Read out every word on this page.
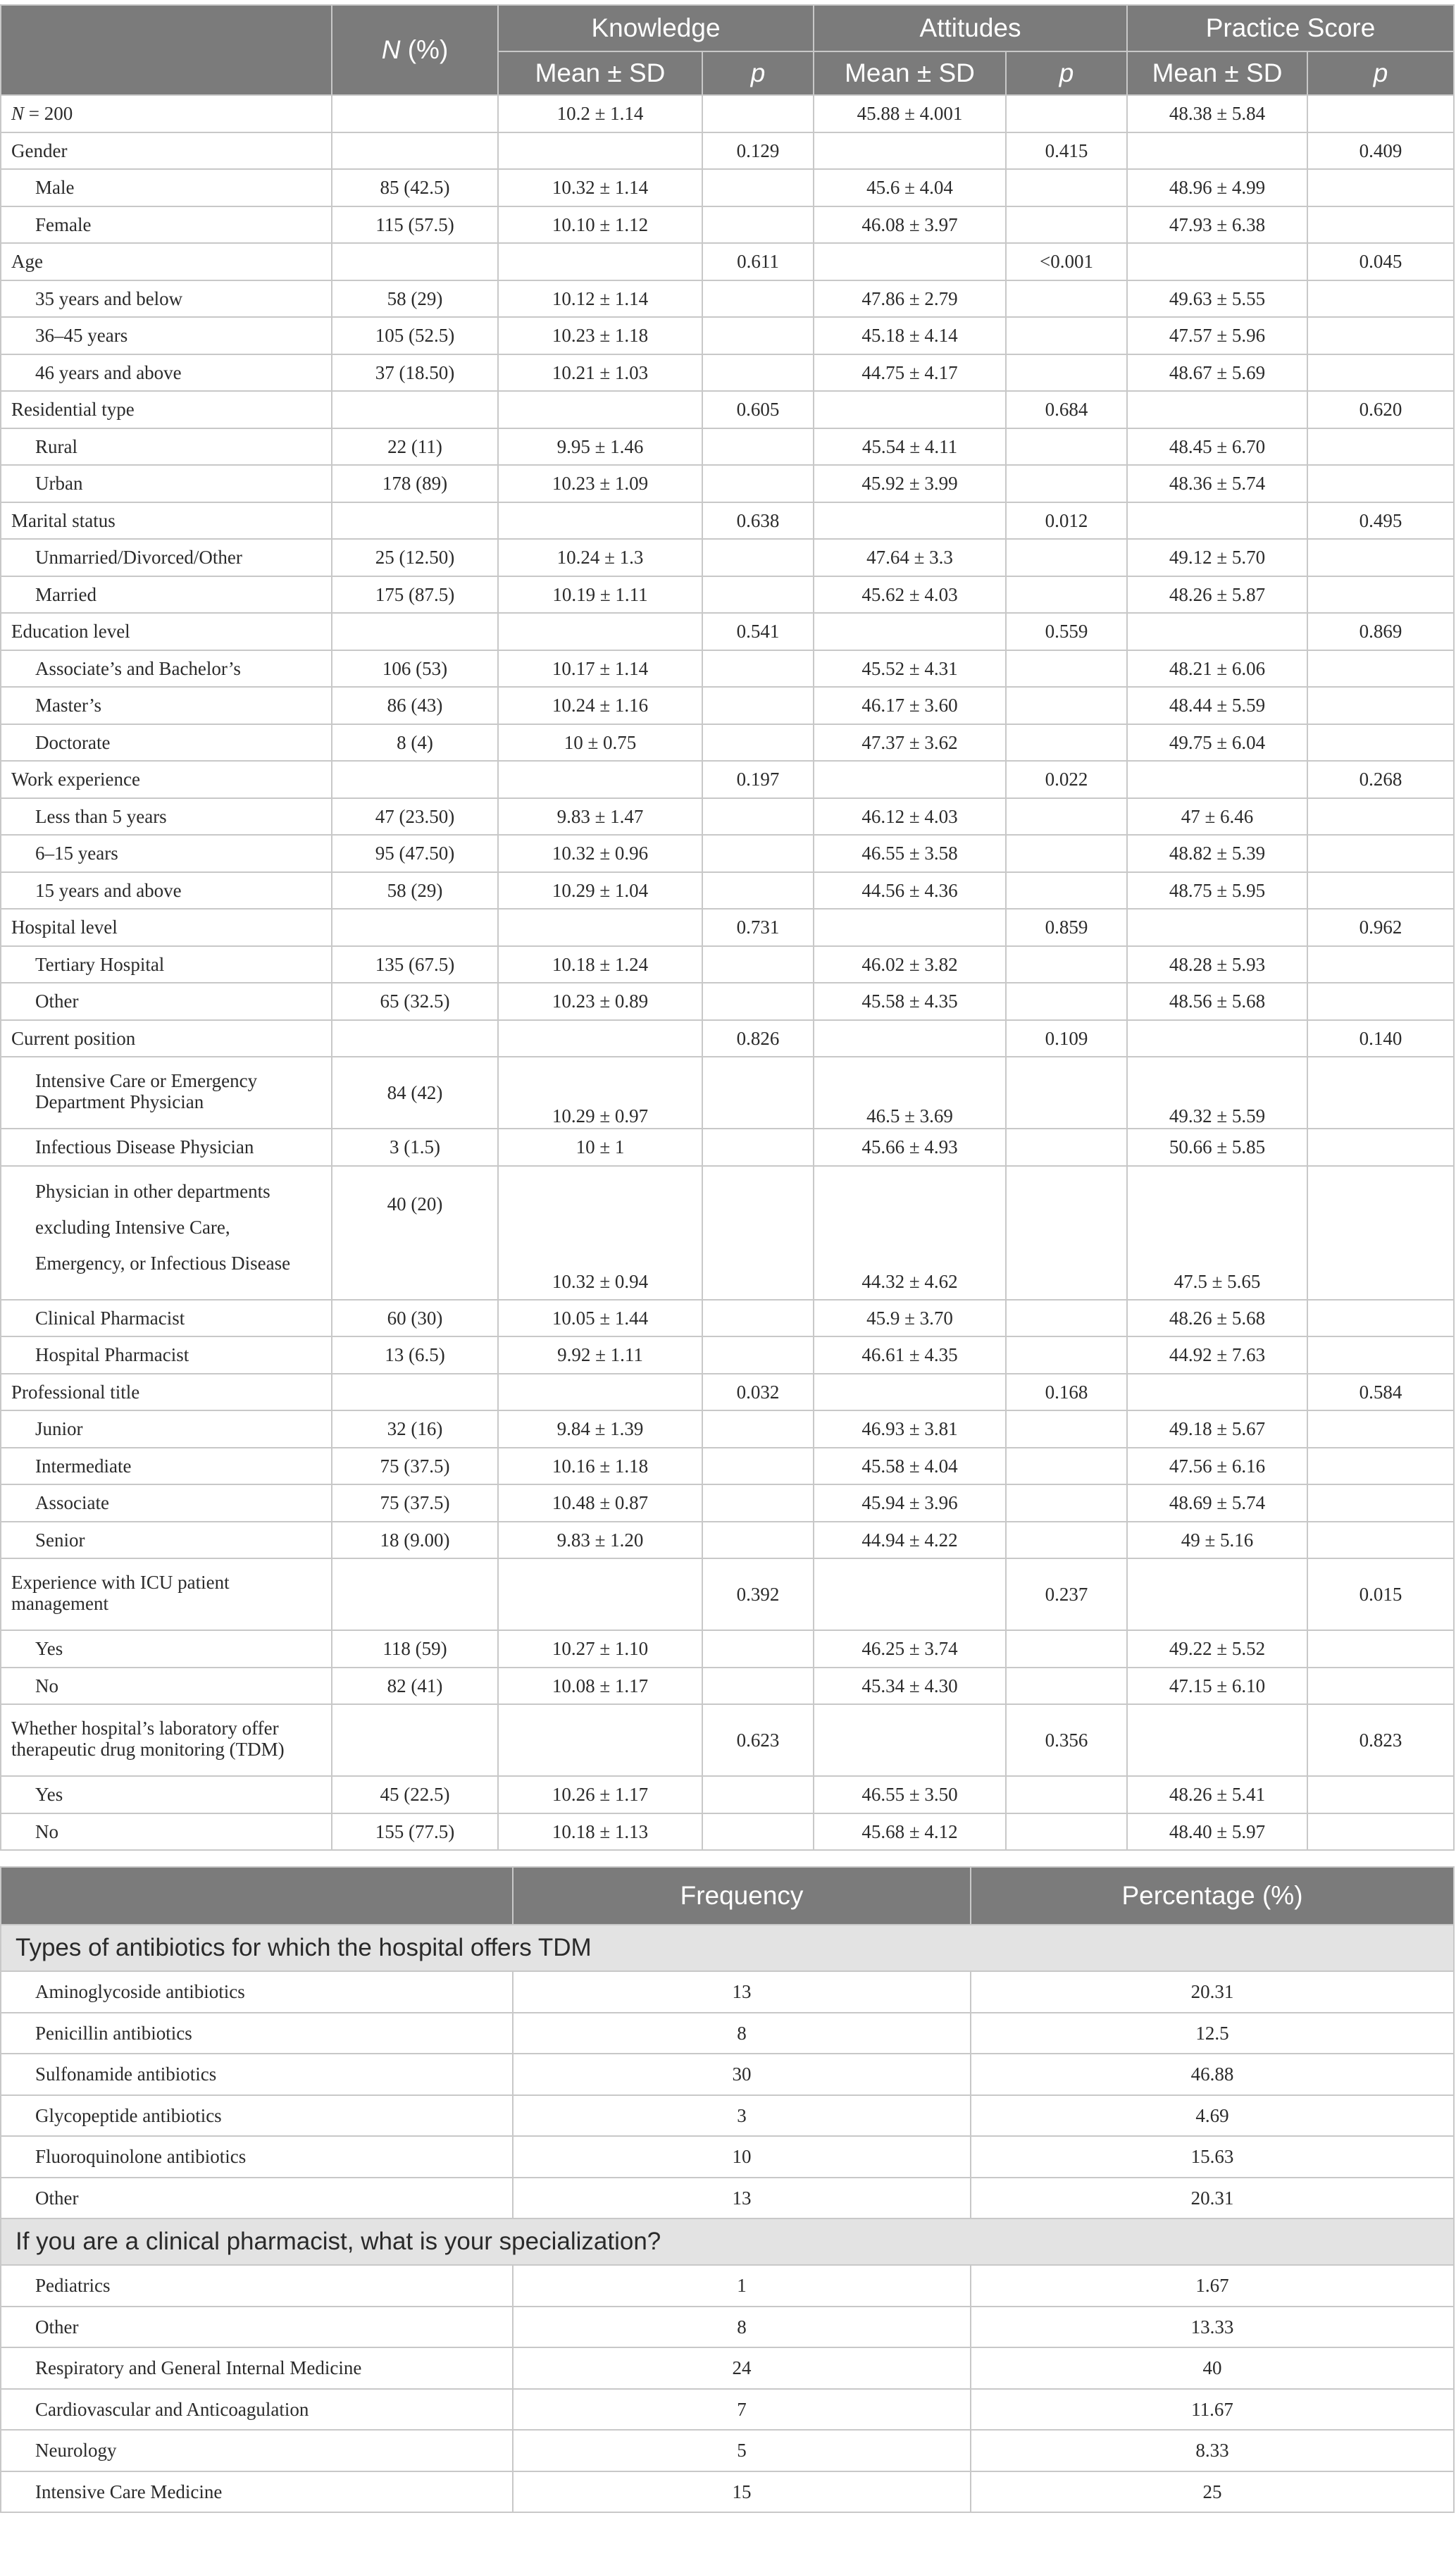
	N (%)	Knowledge		Attitudes		Practice Score	
		Mean ± SD	p	Mean ± SD	p	Mean ± SD	p
N = 200		10.2 ± 1.14		45.88 ± 4.001		48.38 ± 5.84	
Gender			0.129		0.415		0.409
Male	85 (42.5)	10.32 ± 1.14		45.6 ± 4.04		48.96 ± 4.99	
Female	115 (57.5)	10.10 ± 1.12		46.08 ± 3.97		47.93 ± 6.38	
Age			0.611		<0.001		0.045
35 years and below	58 (29)	10.12 ± 1.14		47.86 ± 2.79		49.63 ± 5.55	
36–45 years	105 (52.5)	10.23 ± 1.18		45.18 ± 4.14		47.57 ± 5.96	
46 years and above	37 (18.50)	10.21 ± 1.03		44.75 ± 4.17		48.67 ± 5.69	
Residential type			0.605		0.684		0.620
Rural	22 (11)	9.95 ± 1.46		45.54 ± 4.11		48.45 ± 6.70	
Urban	178 (89)	10.23 ± 1.09		45.92 ± 3.99		48.36 ± 5.74	
Marital status			0.638		0.012		0.495
Unmarried/Divorced/Other	25 (12.50)	10.24 ± 1.3		47.64 ± 3.3		49.12 ± 5.70	
Married	175 (87.5)	10.19 ± 1.11		45.62 ± 4.03		48.26 ± 5.87	
Education level			0.541		0.559		0.869
Associate’s and Bachelor’s	106 (53)	10.17 ± 1.14		45.52 ± 4.31		48.21 ± 6.06	
Master’s	86 (43)	10.24 ± 1.16		46.17 ± 3.60		48.44 ± 5.59	
Doctorate	8 (4)	10 ± 0.75		47.37 ± 3.62		49.75 ± 6.04	
Work experience			0.197		0.022		0.268
Less than 5 years	47 (23.50)	9.83 ± 1.47		46.12 ± 4.03		47 ± 6.46	
6–15 years	95 (47.50)	10.32 ± 0.96		46.55 ± 3.58		48.82 ± 5.39	
15 years and above	58 (29)	10.29 ± 1.04		44.56 ± 4.36		48.75 ± 5.95	
Hospital level			0.731		0.859		0.962
Tertiary Hospital	135 (67.5)	10.18 ± 1.24		46.02 ± 3.82		48.28 ± 5.93	
Other	65 (32.5)	10.23 ± 0.89		45.58 ± 4.35		48.56 ± 5.68	
Current position			0.826		0.109		0.140
Intensive Care or Emergency Department Physician	84 (42)	10.29 ± 0.97		46.5 ± 3.69		49.32 ± 5.59	
Infectious Disease Physician	3 (1.5)	10 ± 1		45.66 ± 4.93		50.66 ± 5.85	
Physician in other departments excluding Intensive Care, Emergency, or Infectious Disease	40 (20)	10.32 ± 0.94		44.32 ± 4.62		47.5 ± 5.65	
Clinical Pharmacist	60 (30)	10.05 ± 1.44		45.9 ± 3.70		48.26 ± 5.68	
Hospital Pharmacist	13 (6.5)	9.92 ± 1.11		46.61 ± 4.35		44.92 ± 7.63	
Professional title			0.032		0.168		0.584
Junior	32 (16)	9.84 ± 1.39		46.93 ± 3.81		49.18 ± 5.67	
Intermediate	75 (37.5)	10.16 ± 1.18		45.58 ± 4.04		47.56 ± 6.16	
Associate	75 (37.5)	10.48 ± 0.87		45.94 ± 3.96		48.69 ± 5.74	
Senior	18 (9.00)	9.83 ± 1.20		44.94 ± 4.22		49 ± 5.16	
Experience with ICU patient management			0.392		0.237		0.015
Yes	118 (59)	10.27 ± 1.10		46.25 ± 3.74		49.22 ± 5.52	
No	82 (41)	10.08 ± 1.17		45.34 ± 4.30		47.15 ± 6.10	
Whether hospital’s laboratory offer therapeutic drug monitoring (TDM)			0.623		0.356		0.823
Yes	45 (22.5)	10.26 ± 1.17		46.55 ± 3.50		48.26 ± 5.41	
No	155 (77.5)	10.18 ± 1.13		45.68 ± 4.12		48.40 ± 5.97	
	Frequency	Percentage (%)
Types of antibiotics for which the hospital offers TDM		
Aminoglycoside antibiotics	13	20.31
Penicillin antibiotics	8	12.5
Sulfonamide antibiotics	30	46.88
Glycopeptide antibiotics	3	4.69
Fluoroquinolone antibiotics	10	15.63
Other	13	20.31
If you are a clinical pharmacist, what is your specialization?		
Pediatrics	1	1.67
Other	8	13.33
Respiratory and General Internal Medicine	24	40
Cardiovascular and Anticoagulation	7	11.67
Neurology	5	8.33
Intensive Care Medicine	15	25
